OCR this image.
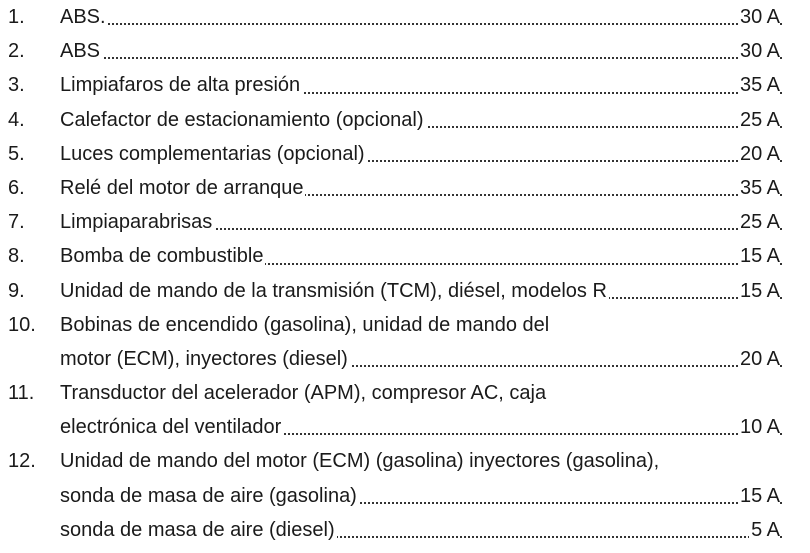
1. ABS.	30 A
2. ABS	30 A
3. Limpiafaros de alta presión	35 A
4. Calefactor de estacionamiento (opcional)	25 A
5. Luces complementarias (opcional)	20 A
6. Relé del motor de arranque	35 A
7. Limpiaparabrisas	25 A
8. Bomba de combustible	15 A
9. Unidad de mando de la transmisión (TCM), diésel, modelos R	15 A
10. Bobinas de encendido (gasolina), unidad de mando del
motor (ECM), inyectores (diesel)	20 A
11. Transductor del acelerador (APM), compresor AC, caja
electrónica del ventilador	10 A
12. Unidad de mando del motor (ECM) (gasolina) inyectores (gasolina),
sonda de masa de aire (gasolina)	15 A
sonda de masa de aire (diesel)	5 A
